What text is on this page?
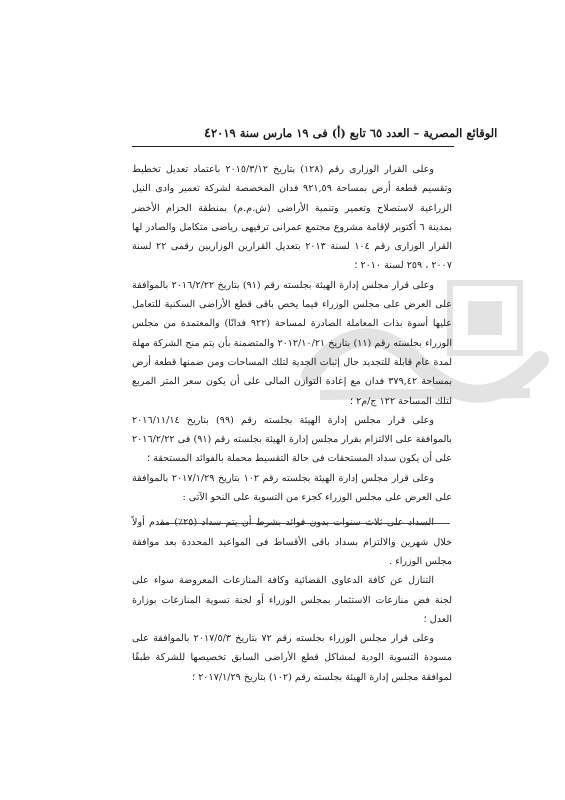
٤ الوقائع المصرية – العدد ٦٥ تابع (أ) فى ١٩ مارس سنة ٢٠١٩

وعلى القرار الوزارى رقم (١٢٨) بتاريخ ٢٠١٥/٣/١٢ باعتماد تعديل تخطيط وتقسيم قطعة أرض بمساحة ٩٢١,٥٩ فدان المخصصة لشركة تعمير وادى النيل الزراعية لاستصلاح وتعمير وتنمية الأراضى (ش.م.م) بمنطقة الحزام الأخضر بمدينة ٦ أكتوبر لإقامة مشروع مجتمع عمرانى ترفيهى رياضى متكامل والصادر لها القرار الوزارى رقم ١٠٤ لسنة ٢٠١٣ بتعديل القرارين الوزاريين رقمى ٢٢ لسنة ٢٠٠٧ ، ٢٥٩ لسنة ٢٠١٠ ؛

وعلى قرار مجلس إدارة الهيئة بجلسته رقم (٩١) بتاريخ ٢٠١٦/٢/٢٢ بالموافقة على العرض على مجلس الوزراء فيما يخص باقى قطع الأراضى السكنية للتعامل عليها أسوة بذات المعاملة الصادرة لمساحة (٩٢٢ فدانًا) والمعتمدة من مجلس الوزراء بجلسته رقم (١١) بتاريخ ٢٠١٢/١٠/٢١ والمتضمنة بأن يتم منح الشركة مهلة لمدة عام قابلة للتجديد حال إثبات الجدية لتلك المساحات ومن ضمنها قطعة أرض بمساحة ٣٧٩,٤٢ فدان مع إعادة التوازن المالى على أن يكون سعر المتر المربع لتلك المساحة ١٢٢ ج/م٢ ؛

وعلى قرار مجلس إدارة الهيئة بجلسته رقم (٩٩) بتاريخ ٢٠١٦/١١/١٤ بالموافقة على الالتزام بقرار مجلس إدارة الهيئة بجلسته رقم (٩١) فى ٢٠١٦/٢/٢٢ على أن يكون سداد المستحقات فى حالة التقسيط محملة بالفوائد المستحقة ؛

وعلى قرار مجلس إدارة الهيئة بجلسته رقم ١٠٢ بتاريخ ٢٠١٧/١/٢٩ بالموافقة على العرض على مجلس الوزراء كجزء من التسوية على النحو الآتى :

السداد على ثلاث سنوات بدون فوائد بشرط أن يتم سداد (٢٥٪) مقدم أولاً خلال شهرين والالتزام بسداد باقى الأقساط فى المواعيد المحددة بعد موافقة مجلس الوزراء .

التنازل عن كافة الدعاوى القضائية وكافة المنازعات المعروضة سواء على لجنة فض منازعات الاستثمار بمجلس الوزراء أو لجنة تسوية المنازعات بوزارة العدل ؛

وعلى قرار مجلس الوزراء بجلسته رقم ٧٢ بتاريخ ٢٠١٧/٥/٣ بالموافقة على مسودة التسوية الودية لمشاكل قطع الأراضى السابق تخصيصها للشركة طبقًا لموافقة مجلس إدارة الهيئة بجلسته رقم (١٠٢) بتاريخ ٢٠١٧/١/٢٩ ؛
